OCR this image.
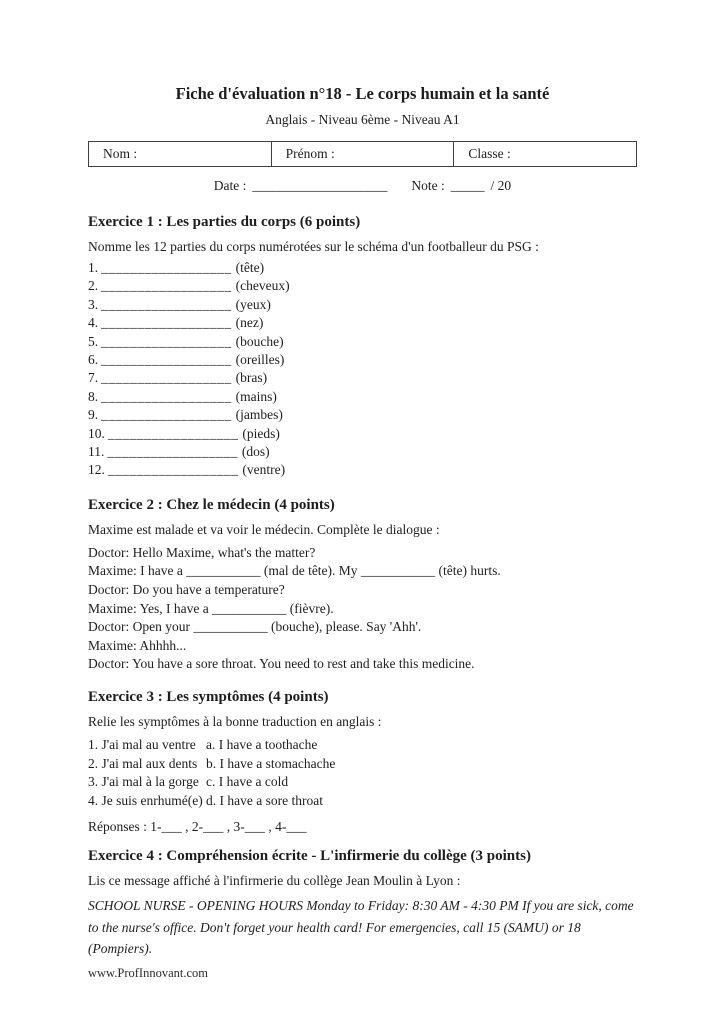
Fiche d'évaluation n°18 - Le corps humain et la santé
Anglais - Niveau 6ème - Niveau A1
Nom :	Prénom :	Classe :
Date : ____________________ Note : _____ / 20
Exercice 1 : Les parties du corps (6 points)
Nomme les 12 parties du corps numérotées sur le schéma d'un footballeur du PSG :
1. __________________ (tête)
2. __________________ (cheveux)
3. __________________ (yeux)
4. __________________ (nez)
5. __________________ (bouche)
6. __________________ (oreilles)
7. __________________ (bras)
8. __________________ (mains)
9. __________________ (jambes)
10. __________________ (pieds)
11. __________________ (dos)
12. __________________ (ventre)
Exercice 2 : Chez le médecin (4 points)
Maxime est malade et va voir le médecin. Complète le dialogue :
Doctor: Hello Maxime, what's the matter?
Maxime: I have a ___________ (mal de tête). My ___________ (tête) hurts.
Doctor: Do you have a temperature?
Maxime: Yes, I have a ___________ (fièvre).
Doctor: Open your ___________ (bouche), please. Say 'Ahh'.
Maxime: Ahhhh...
Doctor: You have a sore throat. You need to rest and take this medicine.
Exercice 3 : Les symptômes (4 points)
Relie les symptômes à la bonne traduction en anglais :
1. J'ai mal au ventre a. I have a toothache
2. J'ai mal aux dents b. I have a stomachache
3. J'ai mal à la gorge c. I have a cold
4. Je suis enrhumé(e) d. I have a sore throat
Réponses : 1-___ , 2-___ , 3-___ , 4-___
Exercice 4 : Compréhension écrite - L'infirmerie du collège (3 points)
Lis ce message affiché à l'infirmerie du collège Jean Moulin à Lyon :
SCHOOL NURSE - OPENING HOURS Monday to Friday: 8:30 AM - 4:30 PM If you are sick, come to the nurse's office. Don't forget your health card! For emergencies, call 15 (SAMU) or 18 (Pompiers).
www.ProfInnovant.com
